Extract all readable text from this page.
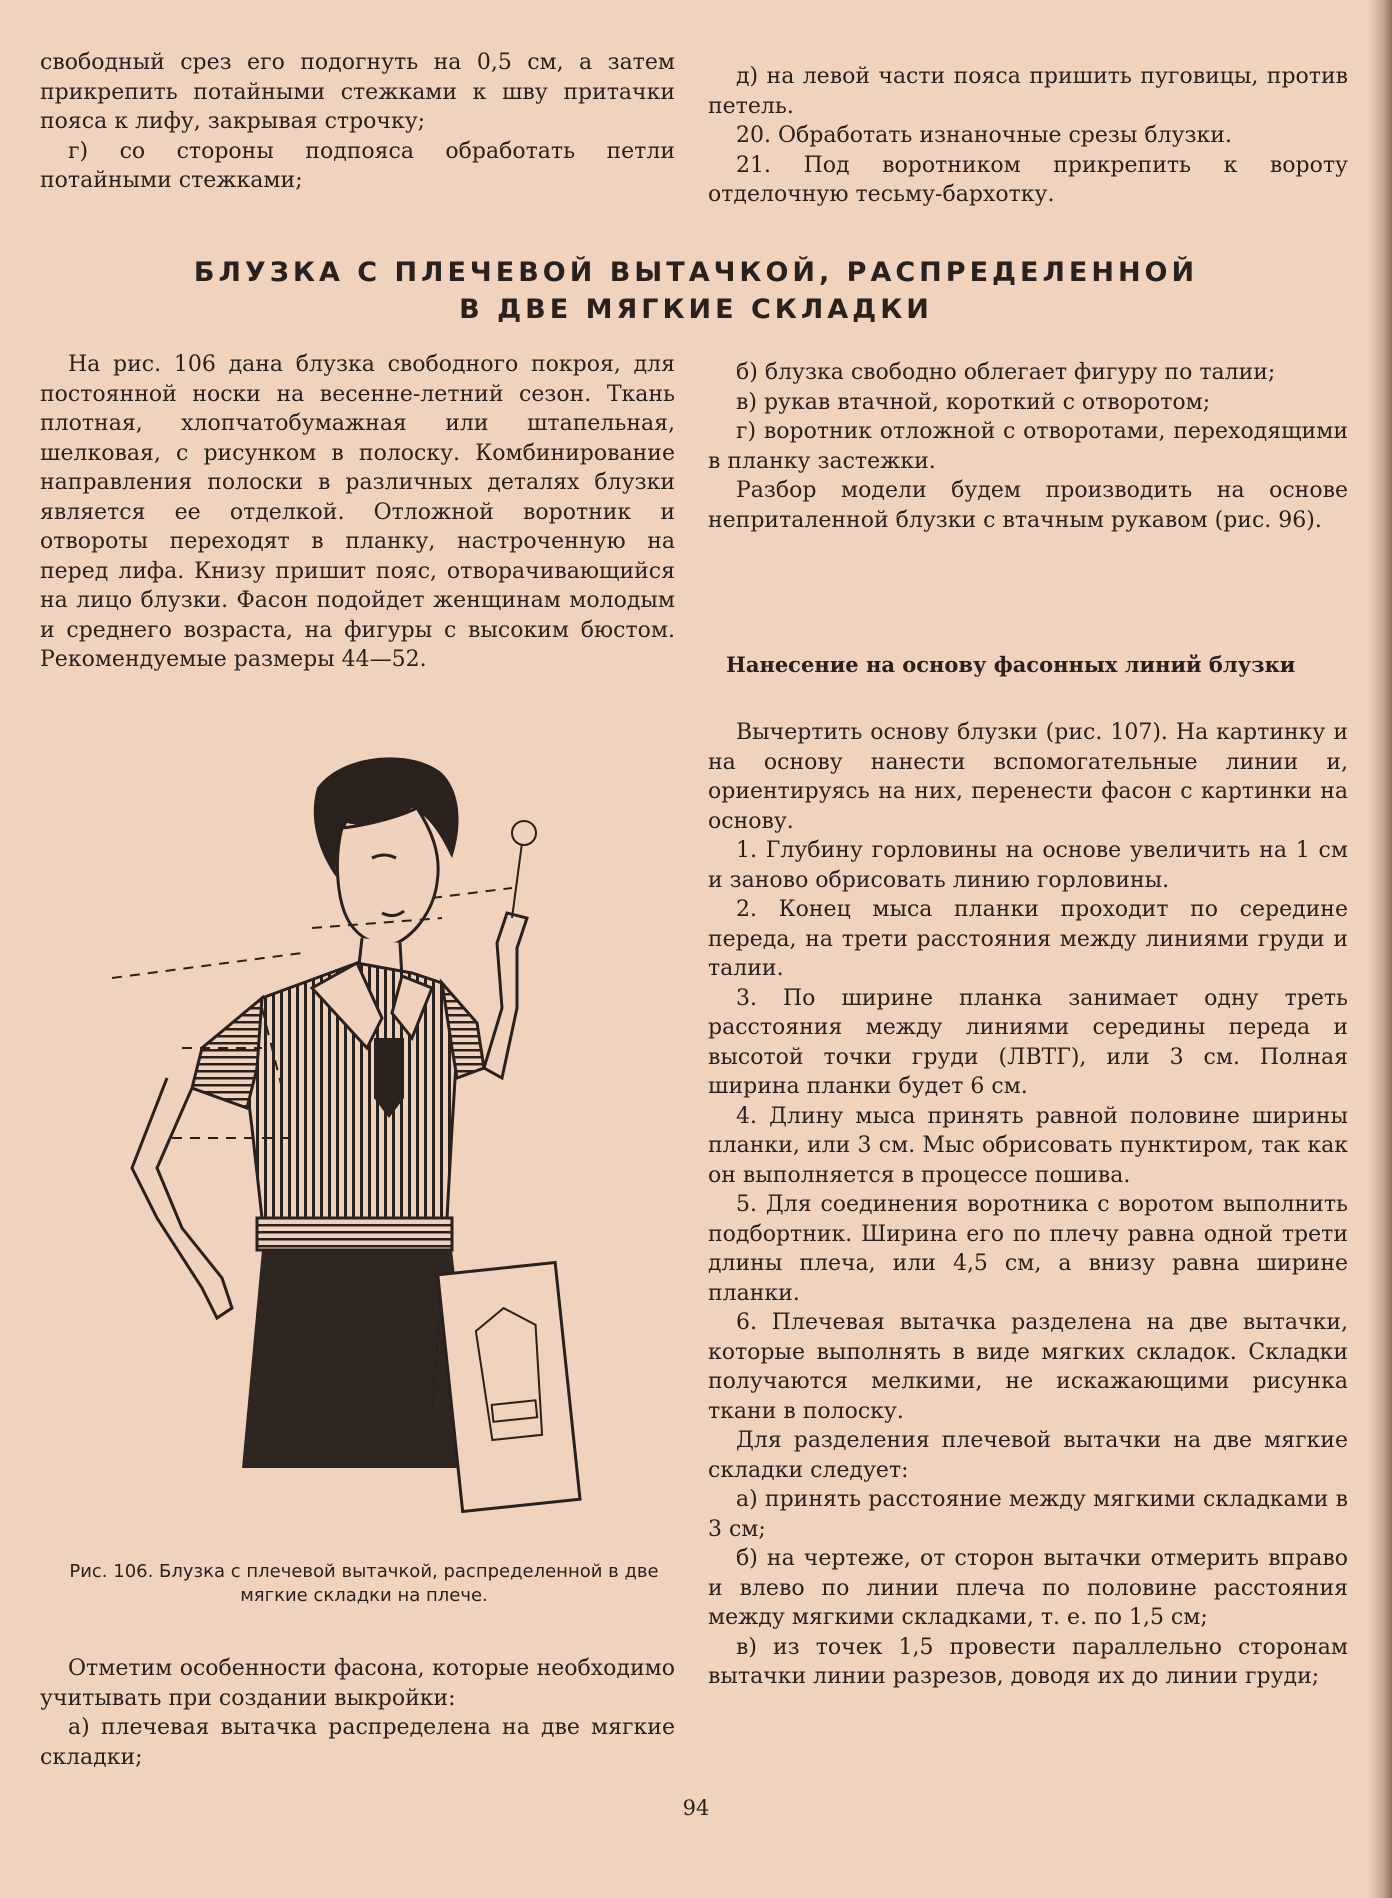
свободный срез его подогнуть на 0,5 см, а затем прикрепить потайными стежками к шву притачки пояса к лифу, закрывая строчку;

г) со стороны подпояса обработать петли потайными стежками;

д) на левой части пояса пришить пуговицы, против петель.

20. Обработать изнаночные срезы блузки.

21. Под воротником прикрепить к вороту отделочную тесьму-бархотку.

БЛУЗКА С ПЛЕЧЕВОЙ ВЫТАЧКОЙ, РАСПРЕДЕЛЕННОЙ
В ДВЕ МЯГКИЕ СКЛАДКИ

На рис. 106 дана блузка свободного покроя, для постоянной носки на весенне-летний сезон. Ткань плотная, хлопчатобумажная или штапельная, шелковая, с рисунком в полоску. Комбинирование направления полоски в различных деталях блузки является ее отделкой. Отложной воротник и отвороты переходят в планку, настроченную на перед лифа. Книзу пришит пояс, отворачивающийся на лицо блузки. Фасон подойдет женщинам молодым и среднего возраста, на фигуры с высоким бюстом. Рекомендуемые размеры 44—52.

б) блузка свободно облегает фигуру по талии;

в) рукав втачной, короткий с отворотом;

г) воротник отложной с отворотами, переходящими в планку застежки.

Разбор модели будем производить на основе неприталенной блузки с втачным рукавом (рис. 96).

Нанесение на основу фасонных линий блузки

Вычертить основу блузки (рис. 107). На картинку и на основу нанести вспомогательные линии и, ориентируясь на них, перенести фасон с картинки на основу.

1. Глубину горловины на основе увеличить на 1 см и заново обрисовать линию горловины.

2. Конец мыса планки проходит по середине переда, на трети расстояния между линиями груди и талии.

3. По ширине планка занимает одну треть расстояния между линиями середины переда и высотой точки груди (ЛВТГ), или 3 см. Полная ширина планки будет 6 см.

4. Длину мыса принять равной половине ширины планки, или 3 см. Мыс обрисовать пунктиром, так как он выполняется в процессе пошива.

5. Для соединения воротника с воротом выполнить подбортник. Ширина его по плечу равна одной трети длины плеча, или 4,5 см, а внизу равна ширине планки.

6. Плечевая вытачка разделена на две вытачки, которые выполнять в виде мягких складок. Складки получаются мелкими, не искажающими рисунка ткани в полоску.

Для разделения плечевой вытачки на две мягкие складки следует:

а) принять расстояние между мягкими складками в 3 см;

б) на чертеже, от сторон вытачки отмерить вправо и влево по линии плеча по половине расстояния между мягкими складками, т. е. по 1,5 см;

в) из точек 1,5 провести параллельно сторонам вытачки линии разрезов, доводя их до линии груди;

Рис. 106. Блузка с плечевой вытачкой, распределенной в две мягкие складки на плече.

Отметим особенности фасона, которые необходимо учитывать при создании выкройки:

а) плечевая вытачка распределена на две мягкие складки;

94
